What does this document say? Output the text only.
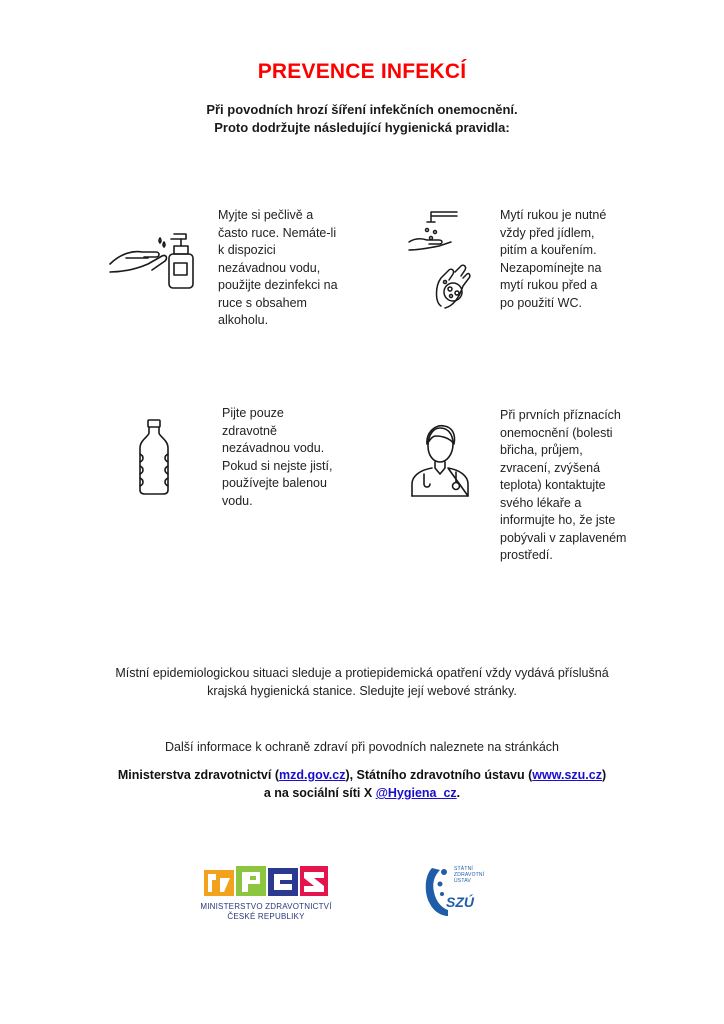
PREVENCE INFEKCÍ
Při povodních hrozí šíření infekčních onemocnění.
Proto dodržujte následující hygienická pravidla:
Myjte si pečlivě a
často ruce. Nemáte-li
k dispozici
nezávadnou vodu,
použijte dezinfekci na
ruce s obsahem
alkoholu.
Mytí rukou je nutné
vždy před jídlem,
pitím a kouřením.
Nezapomínejte na
mytí rukou před a
po použití WC.
Pijte pouze
zdravotně
nezávadnou vodu.
Pokud si nejste jistí,
používejte balenou
vodu.
Při prvních příznacích
onemocnění (bolesti
břicha, průjem,
zvracení, zvýšená
teplota) kontaktujte
svého lékaře a
informujte ho, že jste
pobývali v zaplaveném
prostředí.
Místní epidemiologickou situaci sleduje a protiepidemická opatření vždy vydává příslušná
krajská hygienická stanice. Sledujte její webové stránky.
Další informace k ochraně zdraví při povodních naleznete na stránkách
Ministerstva zdravotnictví (mzd.gov.cz), Státního zdravotního ústavu (www.szu.cz)
a na sociální síti X @Hygiena_cz.
MINISTERSTVO ZDRAVOTNICTVÍ
ČESKÉ REPUBLIKY
STÁTNÍ
ZDRAVOTNÍ
ÚSTAV
SZÚ
